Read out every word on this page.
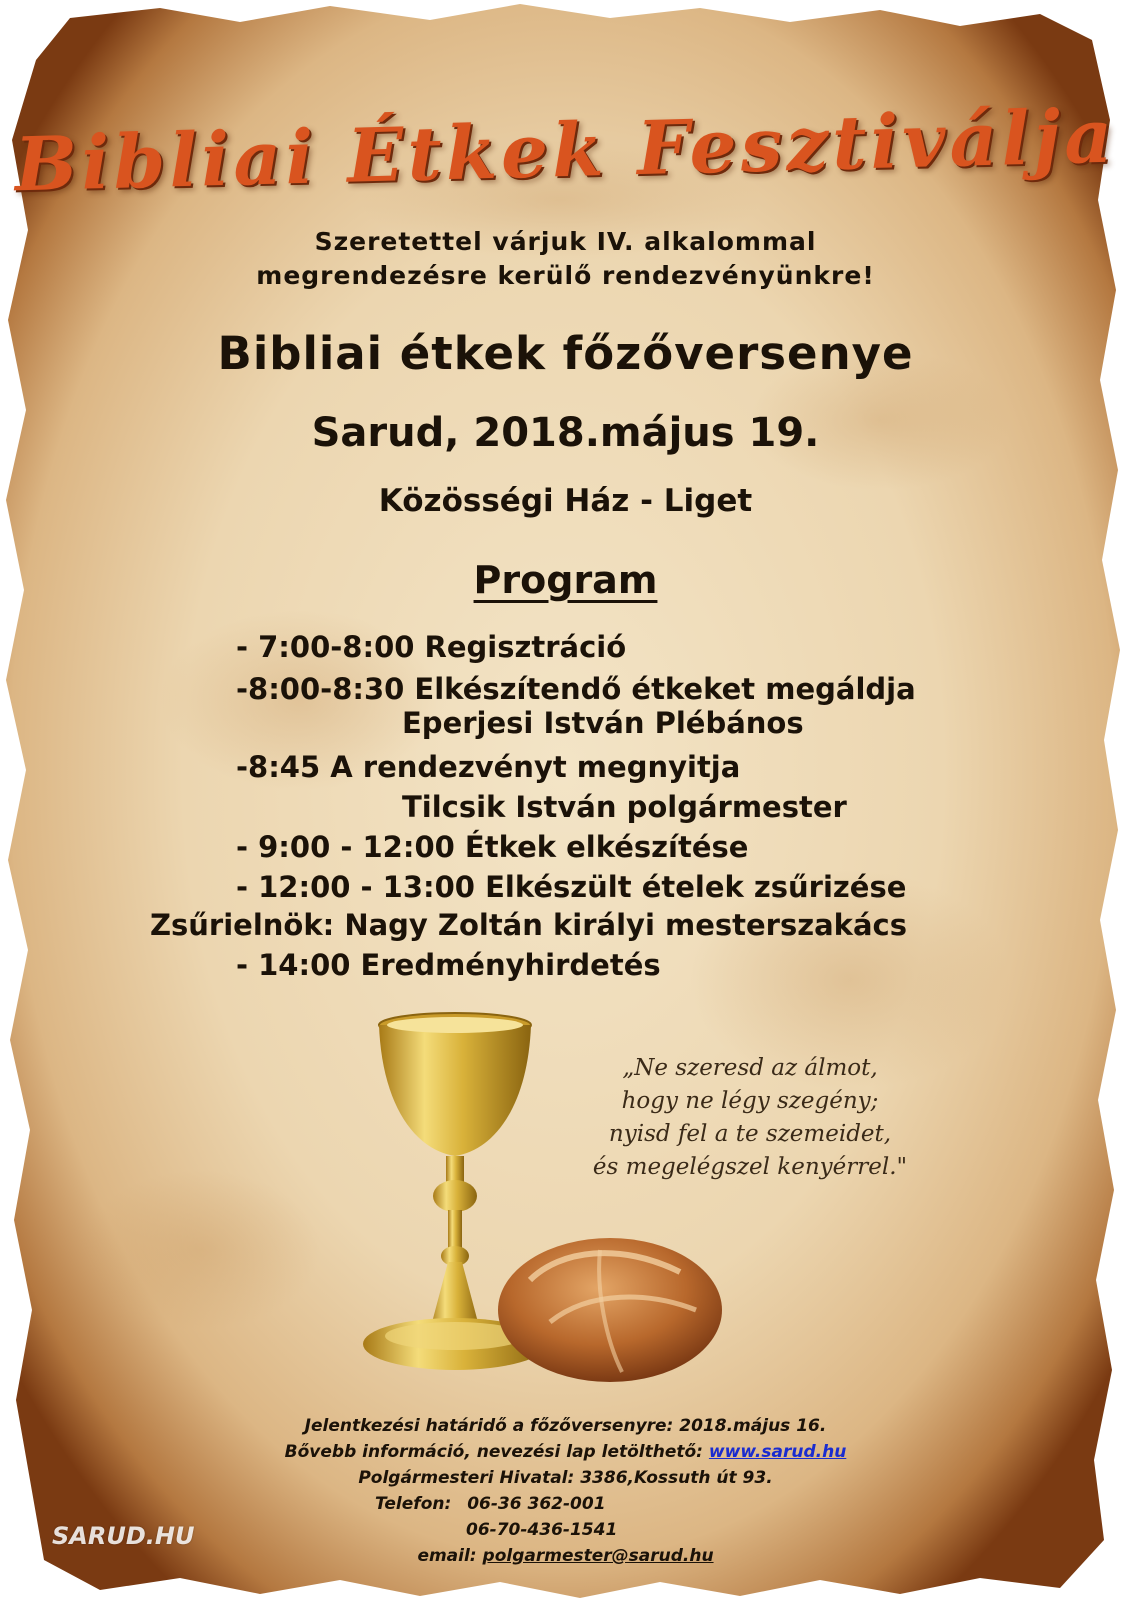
Bibliai Étkek Fesztiválja
Szeretettel várjuk IV. alkalommal
megrendezésre kerülő rendezvényünkre!
Bibliai étkek főzőversenye
Sarud, 2018.május 19.
Közösségi Ház - Liget
Program
- 7:00-8:00 Regisztráció
-8:00-8:30 Elkészítendő étkeket megáldja
Eperjesi István Plébános
-8:45 A rendezvényt megnyitja
Tilcsik István polgármester
- 9:00 - 12:00 Étkek elkészítése
- 12:00 - 13:00 Elkészült ételek zsűrizése
Zsűrielnök: Nagy Zoltán királyi mesterszakács
- 14:00 Eredményhirdetés
„Ne szeresd az álmot,
hogy ne légy szegény;
nyisd fel a te szemeidet,
és megelégszel kenyérrel."
Jelentkezési határidő a főzőversenyre: 2018.május 16.
Bővebb információ, nevezési lap letölthető: www.sarud.hu
Polgármesteri Hivatal: 3386,Kossuth út 93.
Telefon: 06-36 362-001
06-70-436-1541
email: polgarmester@sarud.hu
SARUD.HU
